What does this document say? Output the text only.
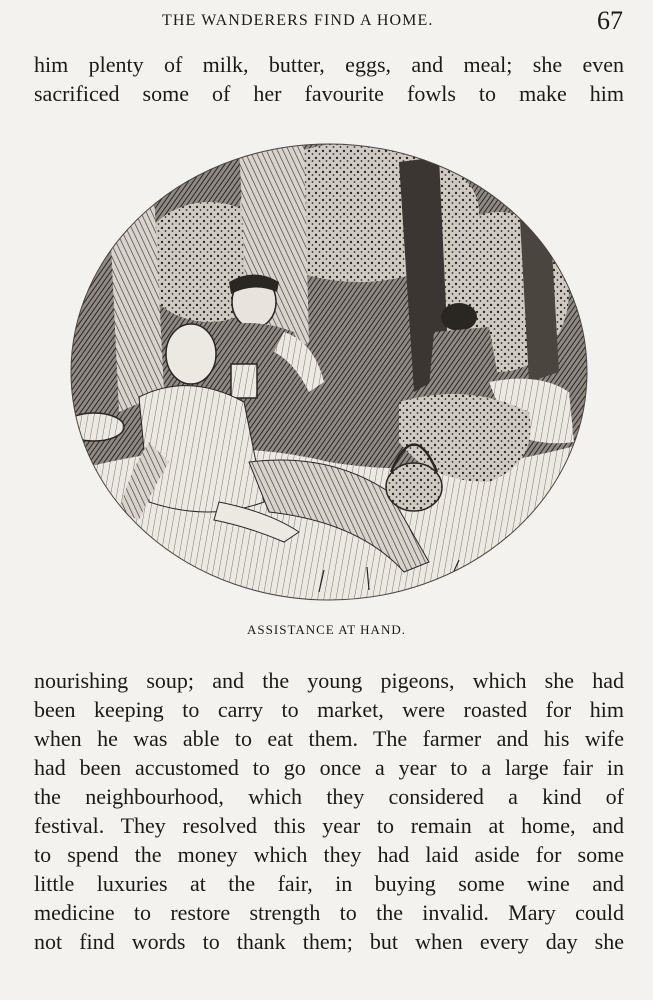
THE WANDERERS FIND A HOME.	67
him plenty of milk, butter, eggs, and meal; she even
sacrificed some of her favourite fowls to make him
ASSISTANCE AT HAND.
nourishing soup; and the young pigeons, which she had
been keeping to carry to market, were roasted for him
when he was able to eat them. The farmer and his wife
had been accustomed to go once a year to a large fair in
the neighbourhood, which they considered a kind of
festival. They resolved this year to remain at home, and
to spend the money which they had laid aside for some
little luxuries at the fair, in buying some wine and
medicine to restore strength to the invalid. Mary could
not find words to thank them; but when every day she
